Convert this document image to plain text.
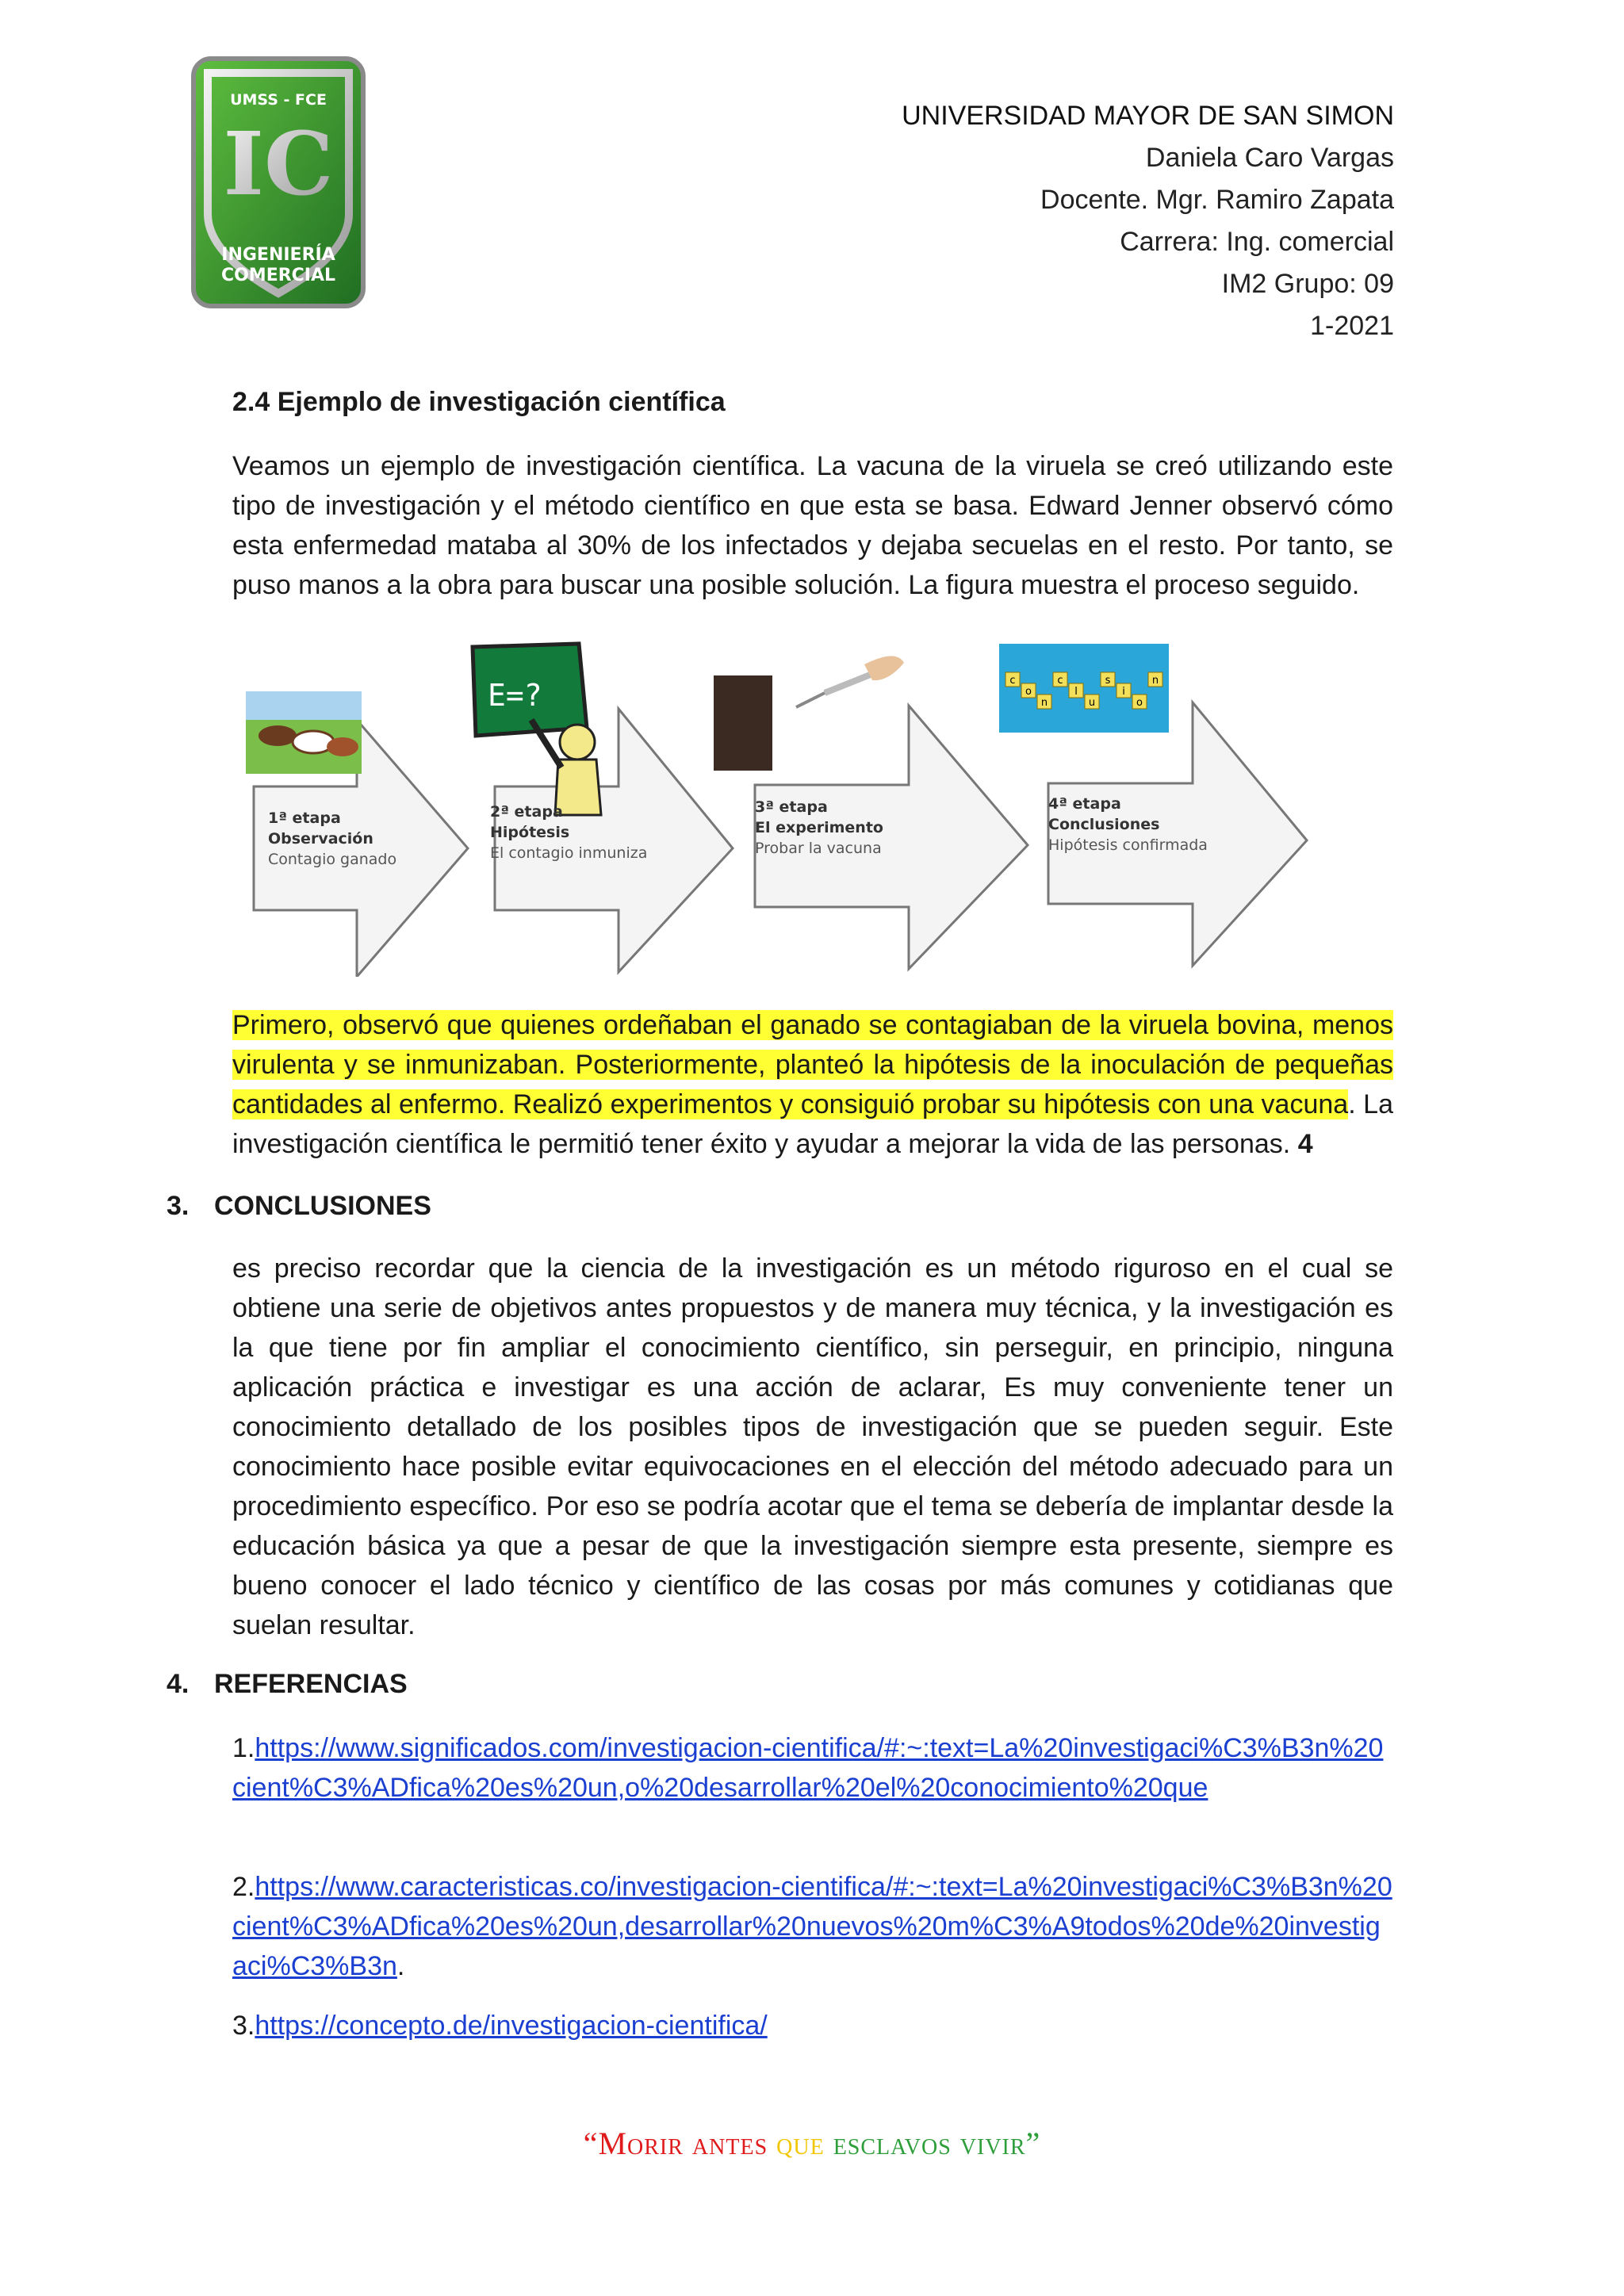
UMSS - FCE
IC
INGENIERÍA
COMERCIAL
UNIVERSIDAD MAYOR DE SAN SIMON
Daniela Caro Vargas
Docente. Mgr. Ramiro Zapata
Carrera: Ing. comercial
IM2 Grupo: 09
1-2021
2.4 Ejemplo de investigación científica

Veamos un ejemplo de investigación científica. La vacuna de la viruela se creó utilizando este tipo de investigación y el método científico en que esta se basa. Edward Jenner observó cómo esta enfermedad mataba al 30% de los infectados y dejaba secuelas en el resto. Por tanto, se puso manos a la obra para buscar una posible solución. La figura muestra el proceso seguido.

E=?	c
o
n
c
l
u
s
i
o
n
1ª etapa
Observación
Contagio ganado
2ª etapa
Hipótesis
El contagio inmuniza
3ª etapa
El experimento
Probar la vacuna
4ª etapa
Conclusiones
Hipótesis confirmada

Primero, observó que quienes ordeñaban el ganado se contagiaban de la viruela bovina, menos virulenta y se inmunizaban. Posteriormente, planteó la hipótesis de la inoculación de pequeñas cantidades al enfermo. Realizó experimentos y consiguió probar su hipótesis con una vacuna. La investigación científica le permitió tener éxito y ayudar a mejorar la vida de las personas. 4

3. CONCLUSIONES

es preciso recordar que la ciencia de la investigación es un método riguroso en el cual se obtiene una serie de objetivos antes propuestos y de manera muy técnica, y la investigación es la que tiene por fin ampliar el conocimiento científico, sin perseguir, en principio, ninguna aplicación práctica e investigar es una acción de aclarar, Es muy conveniente tener un conocimiento detallado de los posibles tipos de investigación que se pueden seguir. Este conocimiento hace posible evitar equivocaciones en el elección del método adecuado para un procedimiento específico. Por eso se podría acotar que el tema se debería de implantar desde la educación básica ya que a pesar de que la investigación siempre esta presente, siempre es bueno conocer el lado técnico y científico de las cosas por más comunes y cotidianas que suelan resultar.

4. REFERENCIAS

1.https://www.significados.com/investigacion-cientifica/#:~:text=La%20investigaci%C3%B3n%20cient%C3%ADfica%20es%20un,o%20desarrollar%20el%20conocimiento%20que

2.https://www.caracteristicas.co/investigacion-cientifica/#:~:text=La%20investigaci%C3%B3n%20cient%C3%ADfica%20es%20un,desarrollar%20nuevos%20m%C3%A9todos%20de%20investigaci%C3%B3n.

3.https://concepto.de/investigacion-cientifica/

“Morir antes que esclavos vivir”
